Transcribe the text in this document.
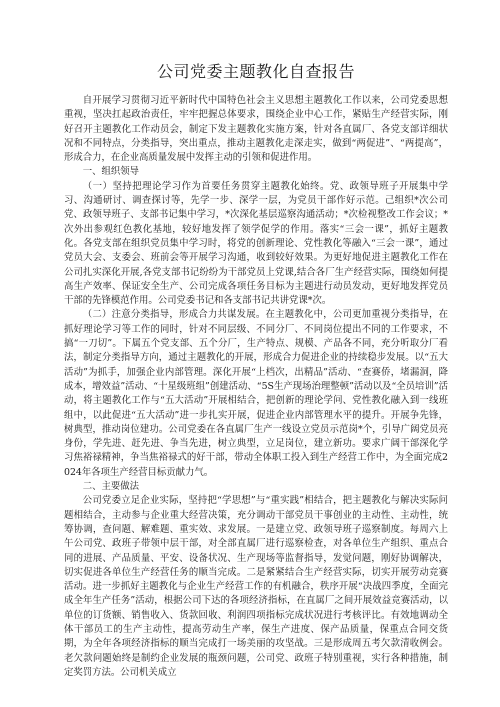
公司党委主题教化自查报告

自开展学习贯彻习近平新时代中国特色社会主义思想主题教化工作以来，公司党委思想重视，坚决扛起政治责任，牢牢把握总体要求，围绕企业中心工作，紧贴生产经营实际，刚好召开主题教化工作动员会，制定下发主题教化实施方案，针对各直属厂、各党支部详细状况和不同特点，分类指导，突出重点，推动主题教化走深走实，做到“两促进”、“两提高”，形成合力，在企业高质量发展中发挥主动的引领和促进作用。

一、组织领导

（一）坚持把理论学习作为首要任务贯穿主题教化始终。党、政领导班子开展集中学习、沟通研讨、调查探讨等，先学一步、深学一层，为党员干部作好示范。己组织*次公司党、政领导班子、支部书记集中学习，*次深化基层巡察沟通活动；*次检视整改工作会议；*次外出参观红色教化基地，较好地发挥了领学促学的作用。落实“三会一课”，抓好主题教化。各党支部在组织党员集中学习时，将党的创新理论、党性教化等融入“三会一课”，通过党员大会、支委会、班前会等开展学习沟通，收到较好效果。为更好地促进主题教化工作在公司扎实深化开展,各党支部书记纷纷为干部党员上党课,结合各厂生产经营实际，围绕如何提高生产效率、保证安全生产、公司完成各项任务目标为主题进行动员发动，更好地发挥党员干部的先锋模范作用。公司党委书记和各支部书记共讲党课*次。

（二）注意分类指导，形成合力共谋发展。在主题教化中，公司更加重视分类指导，在抓好理论学习等工作的同时，针对不同层级、不同分厂、不同岗位提出不同的工作要求，不搞“一刀切”。下属五个党支部、五个分厂，生产特点、规模、产品各不同，充分听取分厂看法，制定分类指导方向，通过主题教化的开展，形成合力促进企业的持续稳步发展。以“五大活动”为抓手，加强企业内部管理。深化开展“上档次，出精品”活动、“查赛侨，堵漏洞，降成本，增效益”活动、“十星级班组”创建活动、“5S生产现场治理整顿”活动以及“全员培训”活动，将主题教化工作与“五大活动”开展相结合，把创新的理论学问、党性教化融入到一线班组中，以此促进“五大活动”进一步扎实开展，促进企业内部管理水平的提升。开展争先锋，树典型，推动岗位建功。公司党委在各直属厂生产一线设立党员示范岗*个，引导广阔党员亮身份，学先进、赶先进、争当先进，树立典型，立足岗位，建立新功。要求广阔干部深化学习焦裕禄精神，争当焦裕禄式的好干部，带动全体职工投入到生产经营工作中，为全面完成2024年各项生产经营目标贡献力气。

二、主要做法

公司党委立足企业实际，坚持把“学思想”与“重实践”相结合，把主题教化与解决实际问题相结合，主动参与企业重大经营决策，充分调动干部党员干事创业的主动性、主动性，统筹协调，查问题、解难题、重实效、求发展。一是建立党、政领导班子巡察制度。每周六上午公司党、政班子带领中层干部，对全部直属厂进行巡察检查，对各单位生产组织、重点合同的进展、产品质量、平安、设备状况、生产现场等监督指导，发觉问题，刚好协调解决，切实促进各单位生产经营任务的顺当完成。二是紧紧结合生产经营实际，切实开展劳动竞赛活动。进一步抓好主题教化与企业生产经营工作的有机融合，秩序开展“决战四季度，全面完成全年生产任务”活动，根据公司下达的各项经济指标，在直属厂之间开展效益竞赛活动，以单位的订货额、销售收入、货款回收、利润四项指标完成状况进行考核评比。有效地调动全体干部员工的生产主动性，提高劳动生产率，保生产进度、保产品质量，保重点合同交货期，为全年各项经济指标的顺当完成打一场美丽的攻坚战。三是形成周五考欠款清收例会。老欠款问题始终是制约企业发展的瓶颈问题，公司党、政班子特别重视，实行各种措施，制定奖罚方法。公司机关成立
